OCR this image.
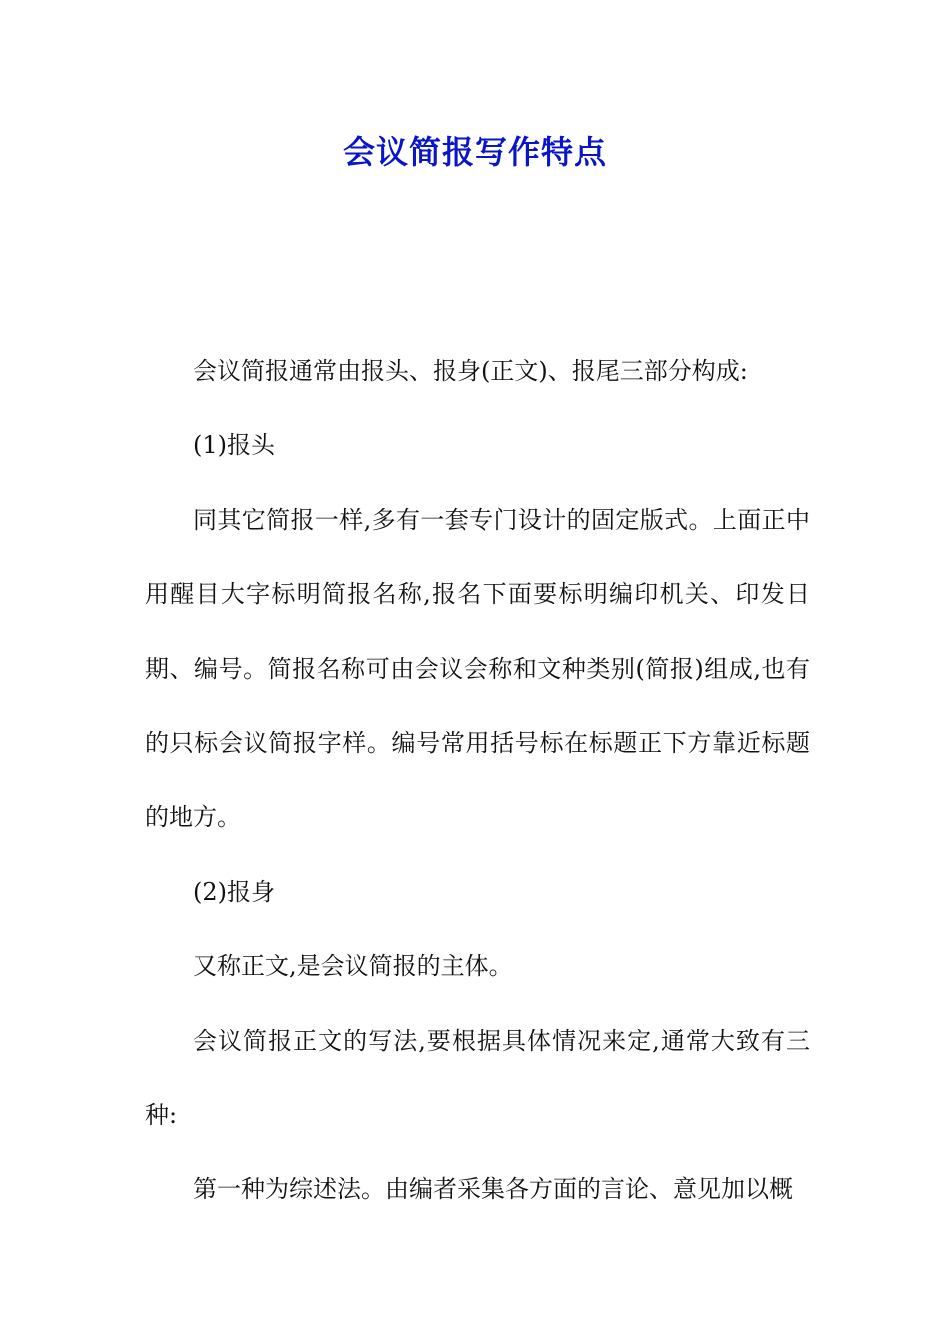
会议简报写作特点

会议简报通常由报头、报身(正文)、报尾三部分构成:

(1)报头

同其它简报一样,多有一套专门设计的固定版式。上面正中用醒目大字标明简报名称,报名下面要标明编印机关、印发日期、编号。简报名称可由会议会称和文种类别(简报)组成,也有的只标会议简报字样。编号常用括号标在标题正下方靠近标题的地方。

(2)报身

又称正文,是会议简报的主体。

会议简报正文的写法,要根据具体情况来定,通常大致有三种:

第一种为综述法。由编者采集各方面的言论、意见加以概
